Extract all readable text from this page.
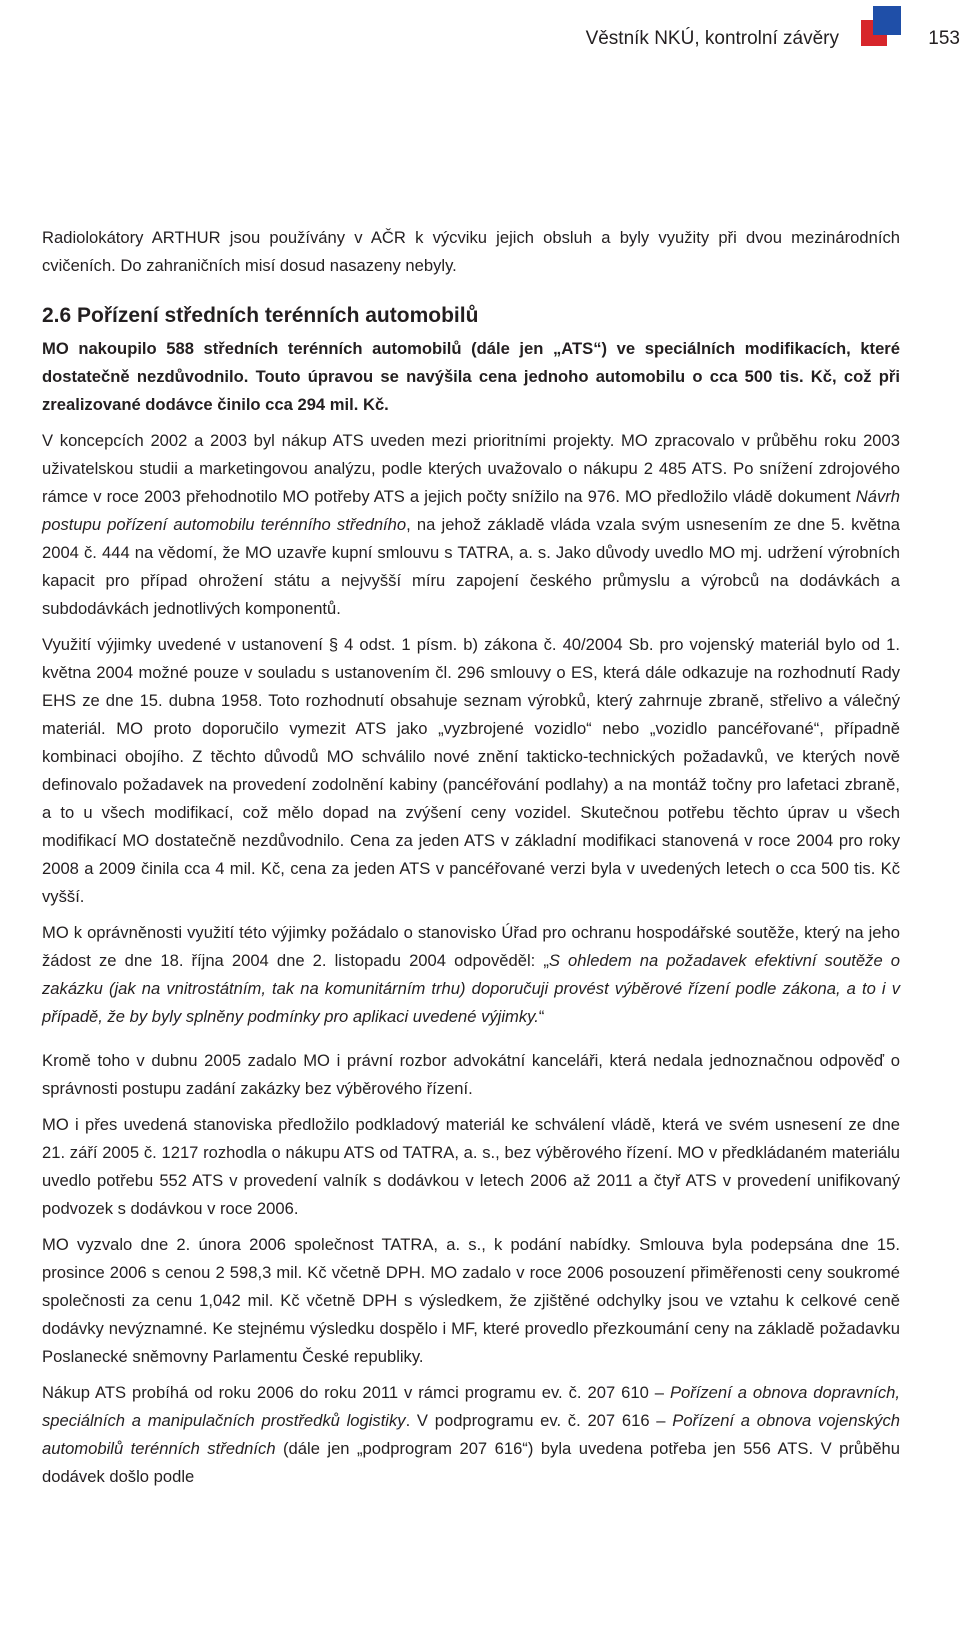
Věstník NKÚ, kontrolní závěry	153

Radiolokátory ARTHUR jsou používány v AČR k výcviku jejich obsluh a byly využity při dvou mezinárodních cvičeních. Do zahraničních misí dosud nasazeny nebyly.

2.6 Pořízení středních terénních automobilů

MO nakoupilo 588 středních terénních automobilů (dále jen „ATS“) ve speciálních modifikacích, které dostatečně nezdůvodnilo. Touto úpravou se navýšila cena jednoho automobilu o cca 500 tis. Kč, což při zrealizované dodávce činilo cca 294 mil. Kč.

V koncepcích 2002 a 2003 byl nákup ATS uveden mezi prioritními projekty. MO zpracovalo v průběhu roku 2003 uživatelskou studii a marketingovou analýzu, podle kterých uvažovalo o nákupu 2 485 ATS. Po snížení zdrojového rámce v roce 2003 přehodnotilo MO potřeby ATS a jejich počty snížilo na 976. MO předložilo vládě dokument Návrh postupu pořízení automobilu terénního středního, na jehož základě vláda vzala svým usnesením ze dne 5. května 2004 č. 444 na vědomí, že MO uzavře kupní smlouvu s TATRA, a. s. Jako důvody uvedlo MO mj. udržení výrobních kapacit pro případ ohrožení státu a nejvyšší míru zapojení českého průmyslu a výrobců na dodávkách a subdodávkách jednotlivých komponentů.

Využití výjimky uvedené v ustanovení § 4 odst. 1 písm. b) zákona č. 40/2004 Sb. pro vojenský materiál bylo od 1. května 2004 možné pouze v souladu s ustanovením čl. 296 smlouvy o ES, která dále odkazuje na rozhodnutí Rady EHS ze dne 15. dubna 1958. Toto rozhodnutí obsahuje seznam výrobků, který zahrnuje zbraně, střelivo a válečný materiál. MO proto doporučilo vymezit ATS jako „vyzbrojené vozidlo“ nebo „vozidlo pancéřované“, případně kombinaci obojího. Z těchto důvodů MO schválilo nové znění takticko-technických požadavků, ve kterých nově definovalo požadavek na provedení zodolnění kabiny (pancéřování podlahy) a na montáž točny pro lafetaci zbraně, a to u všech modifikací, což mělo dopad na zvýšení ceny vozidel. Skutečnou potřebu těchto úprav u všech modifikací MO dostatečně nezdůvodnilo. Cena za jeden ATS v základní modifikaci stanovená v roce 2004 pro roky 2008 a 2009 činila cca 4 mil. Kč, cena za jeden ATS v pancéřované verzi byla v uvedených letech o cca 500 tis. Kč vyšší.

MO k oprávněnosti využití této výjimky požádalo o stanovisko Úřad pro ochranu hospodářské soutěže, který na jeho žádost ze dne 18. října 2004 dne 2. listopadu 2004 odpověděl: „S ohledem na požadavek efektivní soutěže o zakázku (jak na vnitrostátním, tak na komunitárním trhu) doporučuji provést výběrové řízení podle zákona, a to i v případě, že by byly splněny podmínky pro aplikaci uvedené výjimky.“

Kromě toho v dubnu 2005 zadalo MO i právní rozbor advokátní kanceláři, která nedala jednoznačnou odpověď o správnosti postupu zadání zakázky bez výběrového řízení.

MO i přes uvedená stanoviska předložilo podkladový materiál ke schválení vládě, která ve svém usnesení ze dne 21. září 2005 č. 1217 rozhodla o nákupu ATS od TATRA, a. s., bez výběrového řízení. MO v předkládaném materiálu uvedlo potřebu 552 ATS v provedení valník s dodávkou v letech 2006 až 2011 a čtyř ATS v provedení unifikovaný podvozek s dodávkou v roce 2006.

MO vyzvalo dne 2. února 2006 společnost TATRA, a. s., k podání nabídky. Smlouva byla podepsána dne 15. prosince 2006 s cenou 2 598,3 mil. Kč včetně DPH. MO zadalo v roce 2006 posouzení přiměřenosti ceny soukromé společnosti za cenu 1,042 mil. Kč včetně DPH s výsledkem, že zjištěné odchylky jsou ve vztahu k celkové ceně dodávky nevýznamné. Ke stejnému výsledku dospělo i MF, které provedlo přezkoumání ceny na základě požadavku Poslanecké sněmovny Parlamentu České republiky.

Nákup ATS probíhá od roku 2006 do roku 2011 v rámci programu ev. č. 207 610 – Pořízení a obnova dopravních, speciálních a manipulačních prostředků logistiky. V podprogramu ev. č. 207 616 – Pořízení a obnova vojenských automobilů terénních středních (dále jen „podprogram 207 616“) byla uvedena potřeba jen 556 ATS. V průběhu dodávek došlo podle
